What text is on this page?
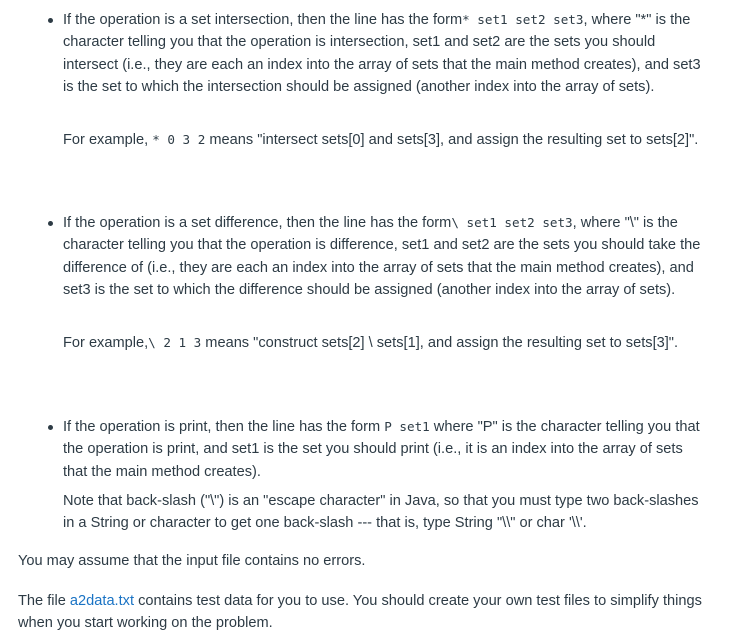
If the operation is a set intersection, then the line has the form* set1 set2 set3, where "*" is the character telling you that the operation is intersection, set1 and set2 are the sets you should intersect (i.e., they are each an index into the array of sets that the main method creates), and set3 is the set to which the intersection should be assigned (another index into the array of sets).

For example, * 0 3 2 means "intersect sets[0] and sets[3], and assign the resulting set to sets[2]".

If the operation is a set difference, then the line has the form\ set1 set2 set3, where "\" is the character telling you that the operation is difference, set1 and set2 are the sets you should take the difference of (i.e., they are each an index into the array of sets that the main method creates), and set3 is the set to which the difference should be assigned (another index into the array of sets).

For example,\ 2 1 3 means "construct sets[2] \ sets[1], and assign the resulting set to sets[3]".

If the operation is print, then the line has the form P set1 where "P" is the character telling you that the operation is print, and set1 is the set you should print (i.e., it is an index into the array of sets that the main method creates).

Note that back-slash ("\") is an "escape character" in Java, so that you must type two back-slashes in a String or character to get one back-slash --- that is, type String "\\" or char '\\'.

You may assume that the input file contains no errors.

The file a2data.txt contains test data for you to use. You should create your own test files to simplify things when you start working on the problem.
